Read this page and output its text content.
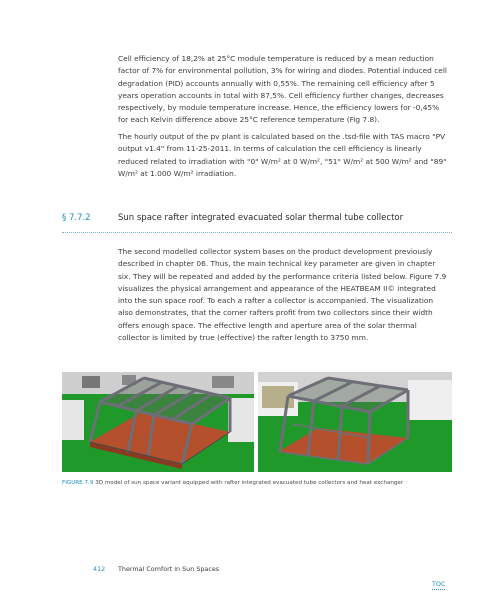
Cell efficiency of 18,2% at 25°C module temperature is reduced by a mean reduction factor of 7% for environmental pollution, 3% for wiring and diodes. Potential induced cell degradation (PID) accounts annually with 0,55%. The remaining cell efficiency after 5 years operation accounts in total with 87,5%. Cell efficiency further changes, decreases respectively, by module temperature increase. Hence, the efficiency lowers for -0,45% for each Kelvin difference above 25°C reference temperature (Fig 7.8).

The hourly output of the pv plant is calculated based on the .tsd-file with TAS macro "PV output v1.4" from 11-25-2011. In terms of calculation the cell efficiency is linearly reduced related to irradiation with "0" W/m² at 0 W/m², "51" W/m² at 500 W/m² and "89" W/m² at 1.000 W/m² irradiation.

§ 7.7.2	Sun space rafter integrated evacuated solar thermal tube collector

The second modelled collector system bases on the product development previously described in chapter 06. Thus, the main technical key parameter are given in chapter six. They will be repeated and added by the performance criteria listed below. Figure 7.9 visualizes the physical arrangement and appearance of the HEATBEAM II© integrated into the sun space roof. To each a rafter a collector is accompanied. The visualization also demonstrates, that the corner rafters profit from two collectors since their width offers enough space. The effective length and aperture area of the solar thermal collector is limited by true (effective) the rafter length to 3750 mm.

FIGURE 7.9 3D model of sun space variant equipped with rafter integrated evacuated tube collectors and heat exchanger
412 Thermal Comfort in Sun Spaces
TOC
